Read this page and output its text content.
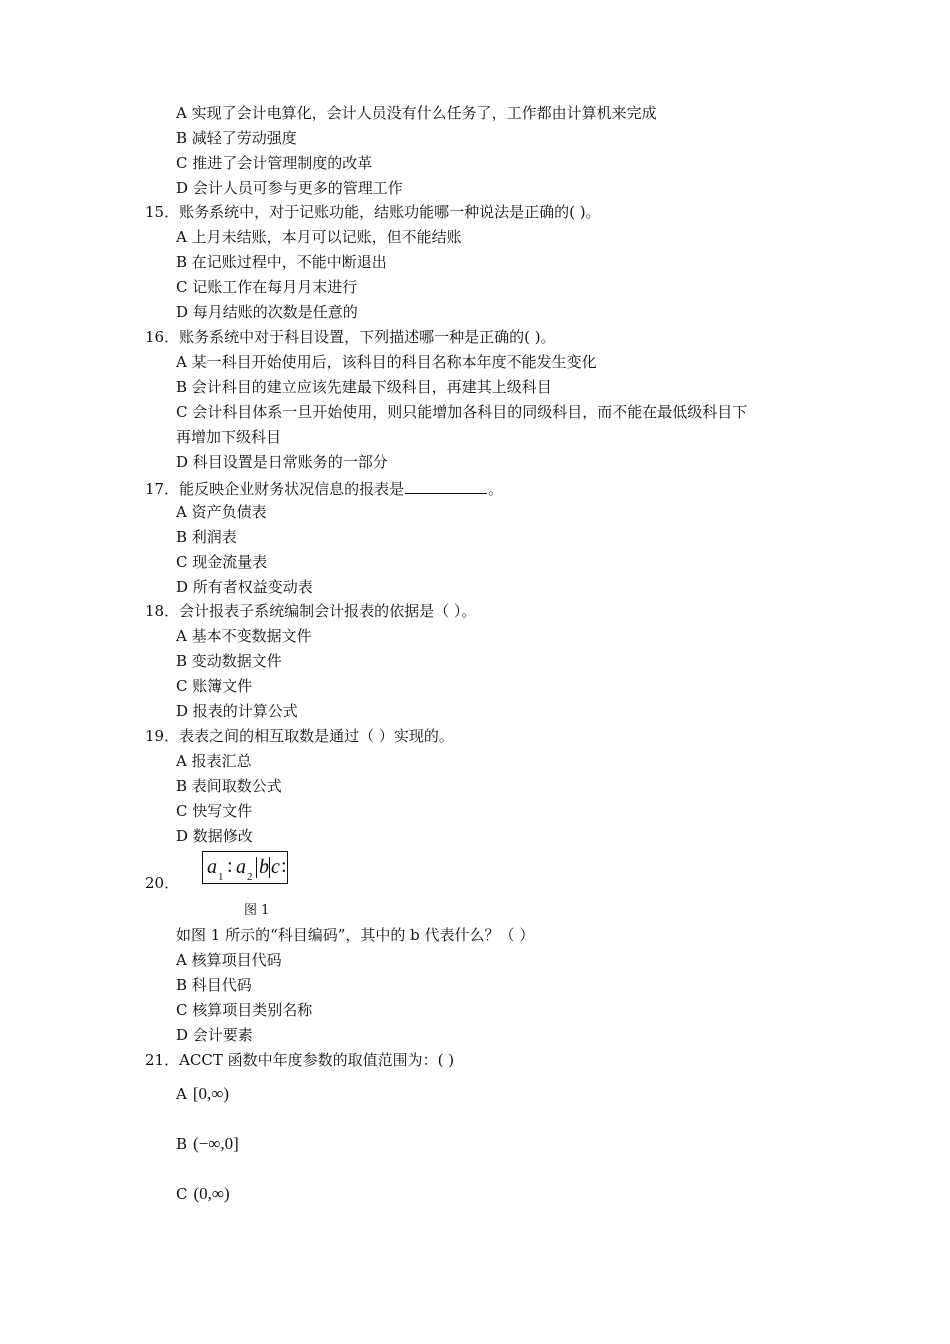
A 实现了会计电算化，会计人员没有什么任务了，工作都由计算机来完成
B 减轻了劳动强度
C 推进了会计管理制度的改革
D 会计人员可参与更多的管理工作
15．账务系统中，对于记账功能，结账功能哪一种说法是正确的( )。
A 上月未结账，本月可以记账，但不能结账
B 在记账过程中，不能中断退出
C 记账工作在每月月末进行
D 每月结账的次数是任意的
16．账务系统中对于科目设置，下列描述哪一种是正确的( )。
A 某一科目开始使用后，该科目的科目名称本年度不能发生变化
B 会计科目的建立应该先建最下级科目，再建其上级科目
C 会计科目体系一旦开始使用，则只能增加各科目的同级科目，而不能在最低级科目下
再增加下级科目
D 科目设置是日常账务的一部分
17．能反映企业财务状况信息的报表是	。
A 资产负债表
B 利润表
C 现金流量表
D 所有者权益变动表
18．会计报表子系统编制会计报表的依据是（ ）。
A 基本不变数据文件
B 变动数据文件
C 账簿文件
D 报表的计算公式
19．表表之间的相互取数是通过（ ）实现的。
A 报表汇总
B 表间取数公式
C 快写文件
D 数据修改
20．
a 1 : a 2 b c :
图 1
如图 1 所示的“科目编码”，其中的 b 代表什么？（ ）
A 核算项目代码
B 科目代码
C 核算项目类别名称
D 会计要素
21．ACCT 函数中年度参数的取值范围为：( )
A [0,∞)
B (−∞,0]
C (0,∞)
